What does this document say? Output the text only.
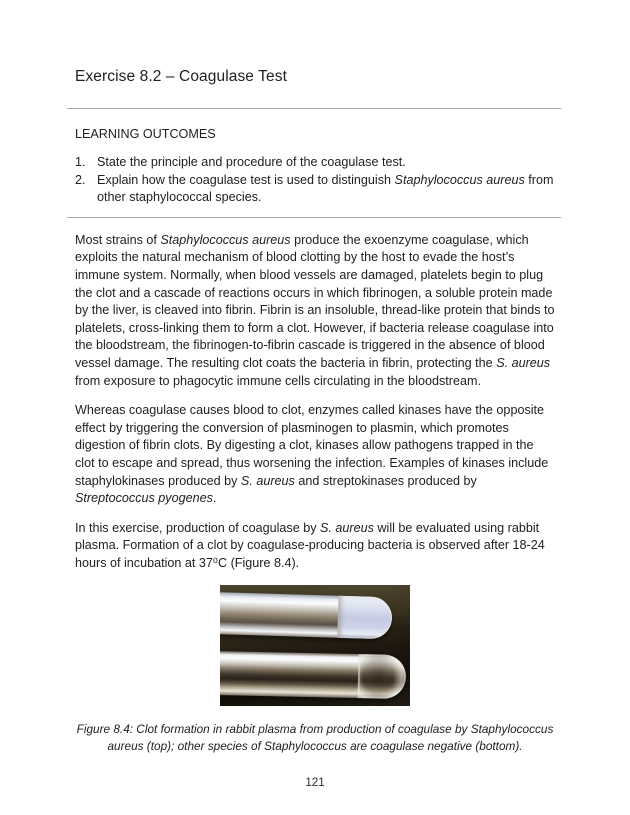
Exercise 8.2 – Coagulase Test
LEARNING OUTCOMES
1. State the principle and procedure of the coagulase test.
2. Explain how the coagulase test is used to distinguish Staphylococcus aureus from other staphylococcal species.

Most strains of Staphylococcus aureus produce the exoenzyme coagulase, which exploits the natural mechanism of blood clotting by the host to evade the host’s immune system. Normally, when blood vessels are damaged, platelets begin to plug the clot and a cascade of reactions occurs in which fibrinogen, a soluble protein made by the liver, is cleaved into fibrin. Fibrin is an insoluble, thread-like protein that binds to platelets, cross-linking them to form a clot. However, if bacteria release coagulase into the bloodstream, the fibrinogen-to-fibrin cascade is triggered in the absence of blood vessel damage. The resulting clot coats the bacteria in fibrin, protecting the S. aureus from exposure to phagocytic immune cells circulating in the bloodstream.

Whereas coagulase causes blood to clot, enzymes called kinases have the opposite effect by triggering the conversion of plasminogen to plasmin, which promotes digestion of fibrin clots. By digesting a clot, kinases allow pathogens trapped in the clot to escape and spread, thus worsening the infection. Examples of kinases include staphylokinases produced by S. aureus and streptokinases produced by Streptococcus pyogenes.

In this exercise, production of coagulase by S. aureus will be evaluated using rabbit plasma. Formation of a clot by coagulase-producing bacteria is observed after 18-24 hours of incubation at 37⁰C (Figure 8.4).

Figure 8.4: Clot formation in rabbit plasma from production of coagulase by Staphylococcus aureus (top); other species of Staphylococcus are coagulase negative (bottom).
121
